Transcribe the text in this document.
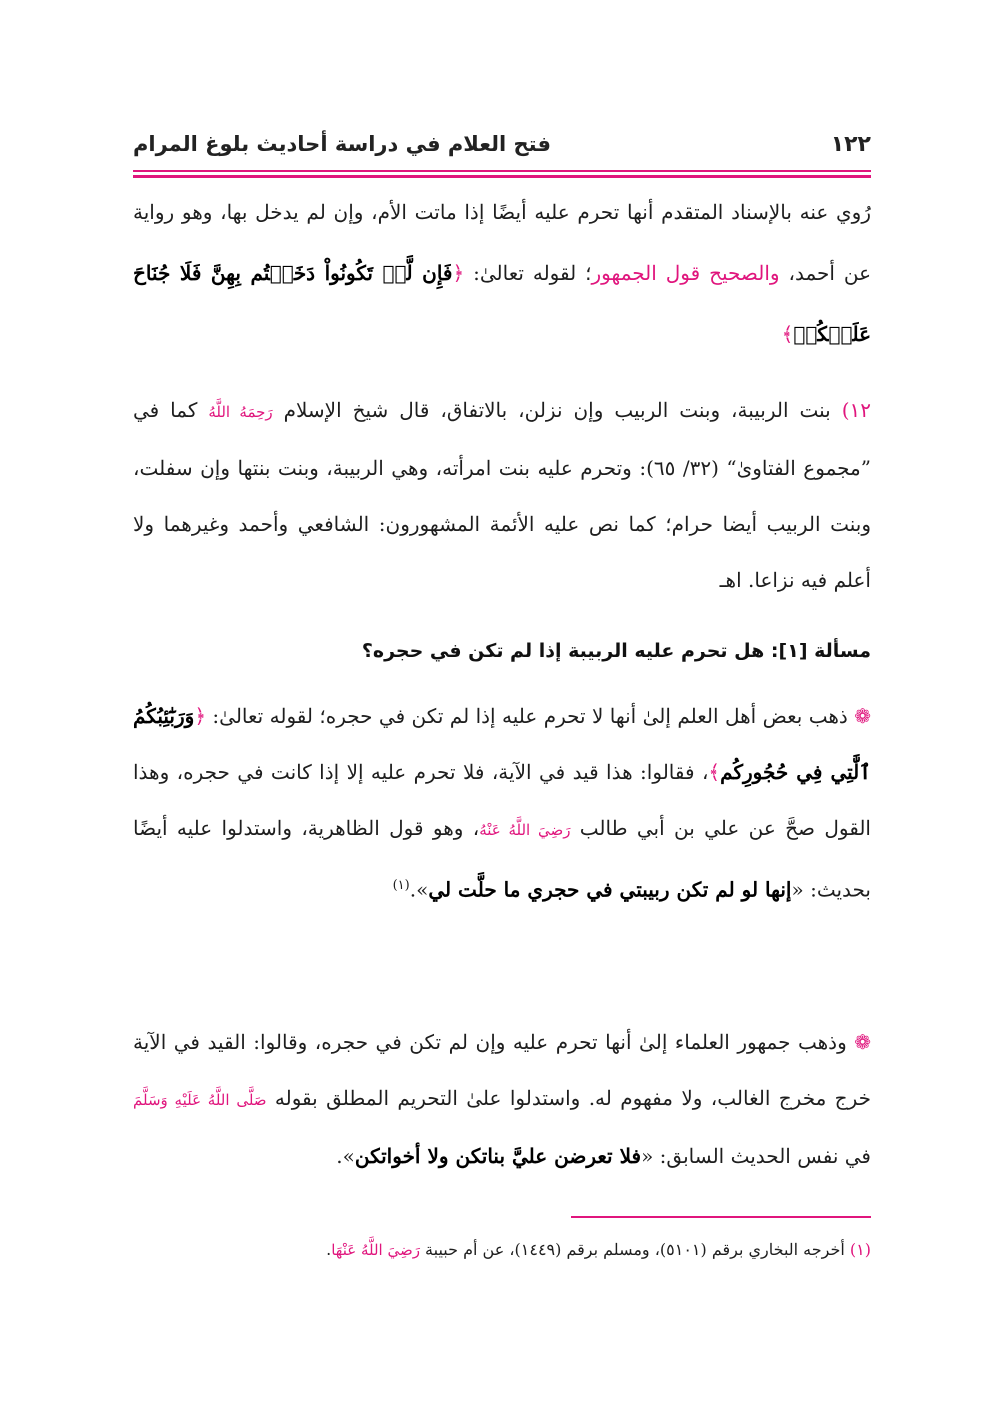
١٢٢
فتح العلام في دراسة أحاديث بلوغ المرام
رُوي عنه بالإسناد المتقدم أنها تحرم عليه أيضًا إذا ماتت الأم، وإن لم يدخل بها، وهو رواية عن أحمد، والصحيح قول الجمهور؛ لقوله تعالىٰ: ﴿فَإِن لَّمۡ تَكُونُواْ دَخَلۡتُم بِهِنَّ فَلَا جُنَاحَ عَلَيۡكُمۡ﴾
١٢) بنت الربيبة، وبنت الربيب وإن نزلن، بالاتفاق، قال شيخ الإسلام رَحِمَهُ اللَّهُ كما في ”مجموع الفتاوىٰ“ (٣٢/ ٦٥): وتحرم عليه بنت امرأته، وهي الربيبة، وبنت بنتها وإن سفلت، وبنت الربيب أيضا حرام؛ كما نص عليه الأئمة المشهورون: الشافعي وأحمد وغيرهما ولا أعلم فيه نزاعا. اهـ
مسألة [١]: هل تحرم عليه الربيبة إذا لم تكن في حجره؟
❁ ذهب بعض أهل العلم إلىٰ أنها لا تحرم عليه إذا لم تكن في حجره؛ لقوله تعالىٰ: ﴿وَرَبَٰٓئِبُكُمُ ٱلَّٰتِي فِي حُجُورِكُم﴾، فقالوا: هذا قيد في الآية، فلا تحرم عليه إلا إذا كانت في حجره، وهذا القول صحَّ عن علي بن أبي طالب رَضِيَ اللَّهُ عَنْهُ، وهو قول الظاهرية، واستدلوا عليه أيضًا بحديث: «إنها لو لم تكن ربيبتي في حجري ما حلَّت لي».$^{(١)}$
❁ وذهب جمهور العلماء إلىٰ أنها تحرم عليه وإن لم تكن في حجره، وقالوا: القيد في الآية خرج مخرج الغالب، ولا مفهوم له. واستدلوا علىٰ التحريم المطلق بقوله صَلَّى اللَّهُ عَلَيْهِ وَسَلَّمَ في نفس الحديث السابق: «فلا تعرضن عليَّ بناتكن ولا أخواتكن».
(١) أخرجه البخاري برقم (٥١٠١)، ومسلم برقم (١٤٤٩)، عن أم حبيبة رَضِيَ اللَّهُ عَنْهَا.
